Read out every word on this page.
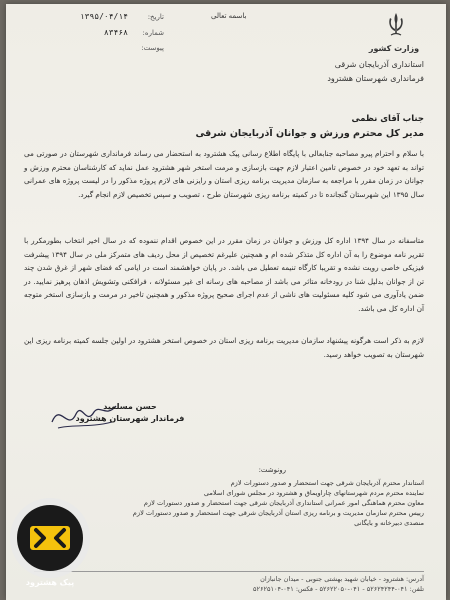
باسمه تعالی
وزارت کشور
استانداری آذربایجان شرقی
فرمانداری شهرستان هشترود
تاریخ:
۱۳۹۵/۰۴/۱۴
شماره:
۸۳۴۶۸
پیوست:
جناب آقای نظمی
مدیر کل محترم ورزش و جوانان آذربایجان شرقی
با سلام و احترام پیرو مصاحبه جنابعالی با پایگاه اطلاع رسانی پیک هشترود به استحضار می رساند فرمانداری شهرستان در صورتی می تواند به تعهد خود در خصوص تامین اعتبار لازم جهت بازسازی و مرمت استخر شهر هشترود عمل نماید که کارشناسان محترم ورزش و جوانان در زمان مقرر با مراجعه به سازمان مدیریت برنامه ریزی استان و رایزنی های لازم پروژه مذکور را در لیست پروژه های عمرانی سال ۱۳۹۵ این شهرستان گنجانده تا در کمیته برنامه ریزی شهرستان طرح ، تصویب و سپس تخصیص لازم انجام گیرد.
متاسفانه در سال ۱۳۹۴ اداره کل ورزش و جوانان در زمان مقرر در این خصوص اقدام ننموده که در سال اخیر انتخاب بطورمکرر با تقریر نامه موضوع را به آن اداره کل متذکر شده ام و همچنین علیرغم تخصیص از محل ردیف های متمرکز ملی در سال ۱۳۹۴ پیشرفت فیزیکی خاصی رویت نشده و تقریبا کارگاه تنیمه تعطیل می باشد. در پایان خواهشمند است در ایامی که فضای شهر از غرق شدن چند تن از جوانان بدلیل شنا در رودخانه متاثر می باشد از مصاحبه های رسانه ای غیر مسئولانه ، فرافکنی وتشویش اذهان پرهیز نمایید. در ضمن یادآوری می شود کلیه مسئولیت های ناشی از عدم اجرای صحیح پروژه مذکور و همچنین تاخیر در مرمت و بازسازی استخر متوجه آن اداره کل می باشد.
لازم به ذکر است هرگونه پیشنهاد سازمان مدیریت برنامه ریزی استان در خصوص استخر هشترود در اولین جلسه کمیته برنامه ریزی این شهرستان به تصویب خواهد رسید.
حسن مسلمید
فرماندار شهرستان هشترود
رونوشت:
استاندار محترم آذربایجان شرقی جهت استحضار و صدور دستورات لازم
نماینده محترم مردم شهرستانهای چاراویماق و هشترود در مجلس شورای اسلامی
معاون محترم هماهنگی امور عمرانی استانداری آذربایجان شرقی جهت استحضار و صدور دستورات لازم
رییس محترم سازمان مدیریت و برنامه ریزی استان آذربایجان شرقی جهت استحضار و صدور دستورات لازم
منصدی دبیرخانه و بایگانی
آدرس: هشترود - خیابان شهید بهشتی جنوبی - میدان جانبازان
تلفن: ۰۴۱-۵۲۶۲۴۲۴۴ - ۰۴۱-۵۲۶۲۲۰۵۰ - فکس: ۰۴۱-۵۲۶۲۵۱۰۴
پیک هشترود
